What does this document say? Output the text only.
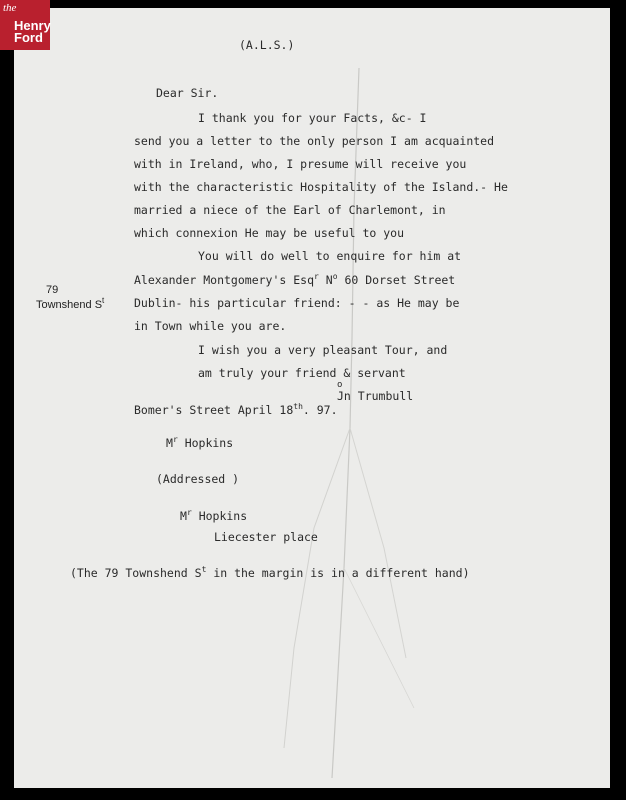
(A.L.S.)
Dear Sir.
I thank you for your Facts, &c- I
send you a letter to the only person I am acquainted
with in Ireland, who, I presume will receive you
with the characteristic Hospitality of the Island.- He
married a niece of the Earl of Charlemont, in
which connexion He may be useful to you
You will do well to enquire for him at
Alexander Montgomery's Esq$^r$ $N^o$ 60 Dorset Street
79
Townshend $S^t$	Dublin- his particular friend: - - as He may be
in Town while you are.
I wish you a very pleasant Tour, and
am truly your friend & servant
o
Jn Trumbull
Bomer's Street April 18th. 97.
$M^r$ Hopkins
(Addressed )
$M^r$ Hopkins
Liecester place
(The 79 Townshend $S^t$ in the margin is in a different hand)
the
Henry
Ford
